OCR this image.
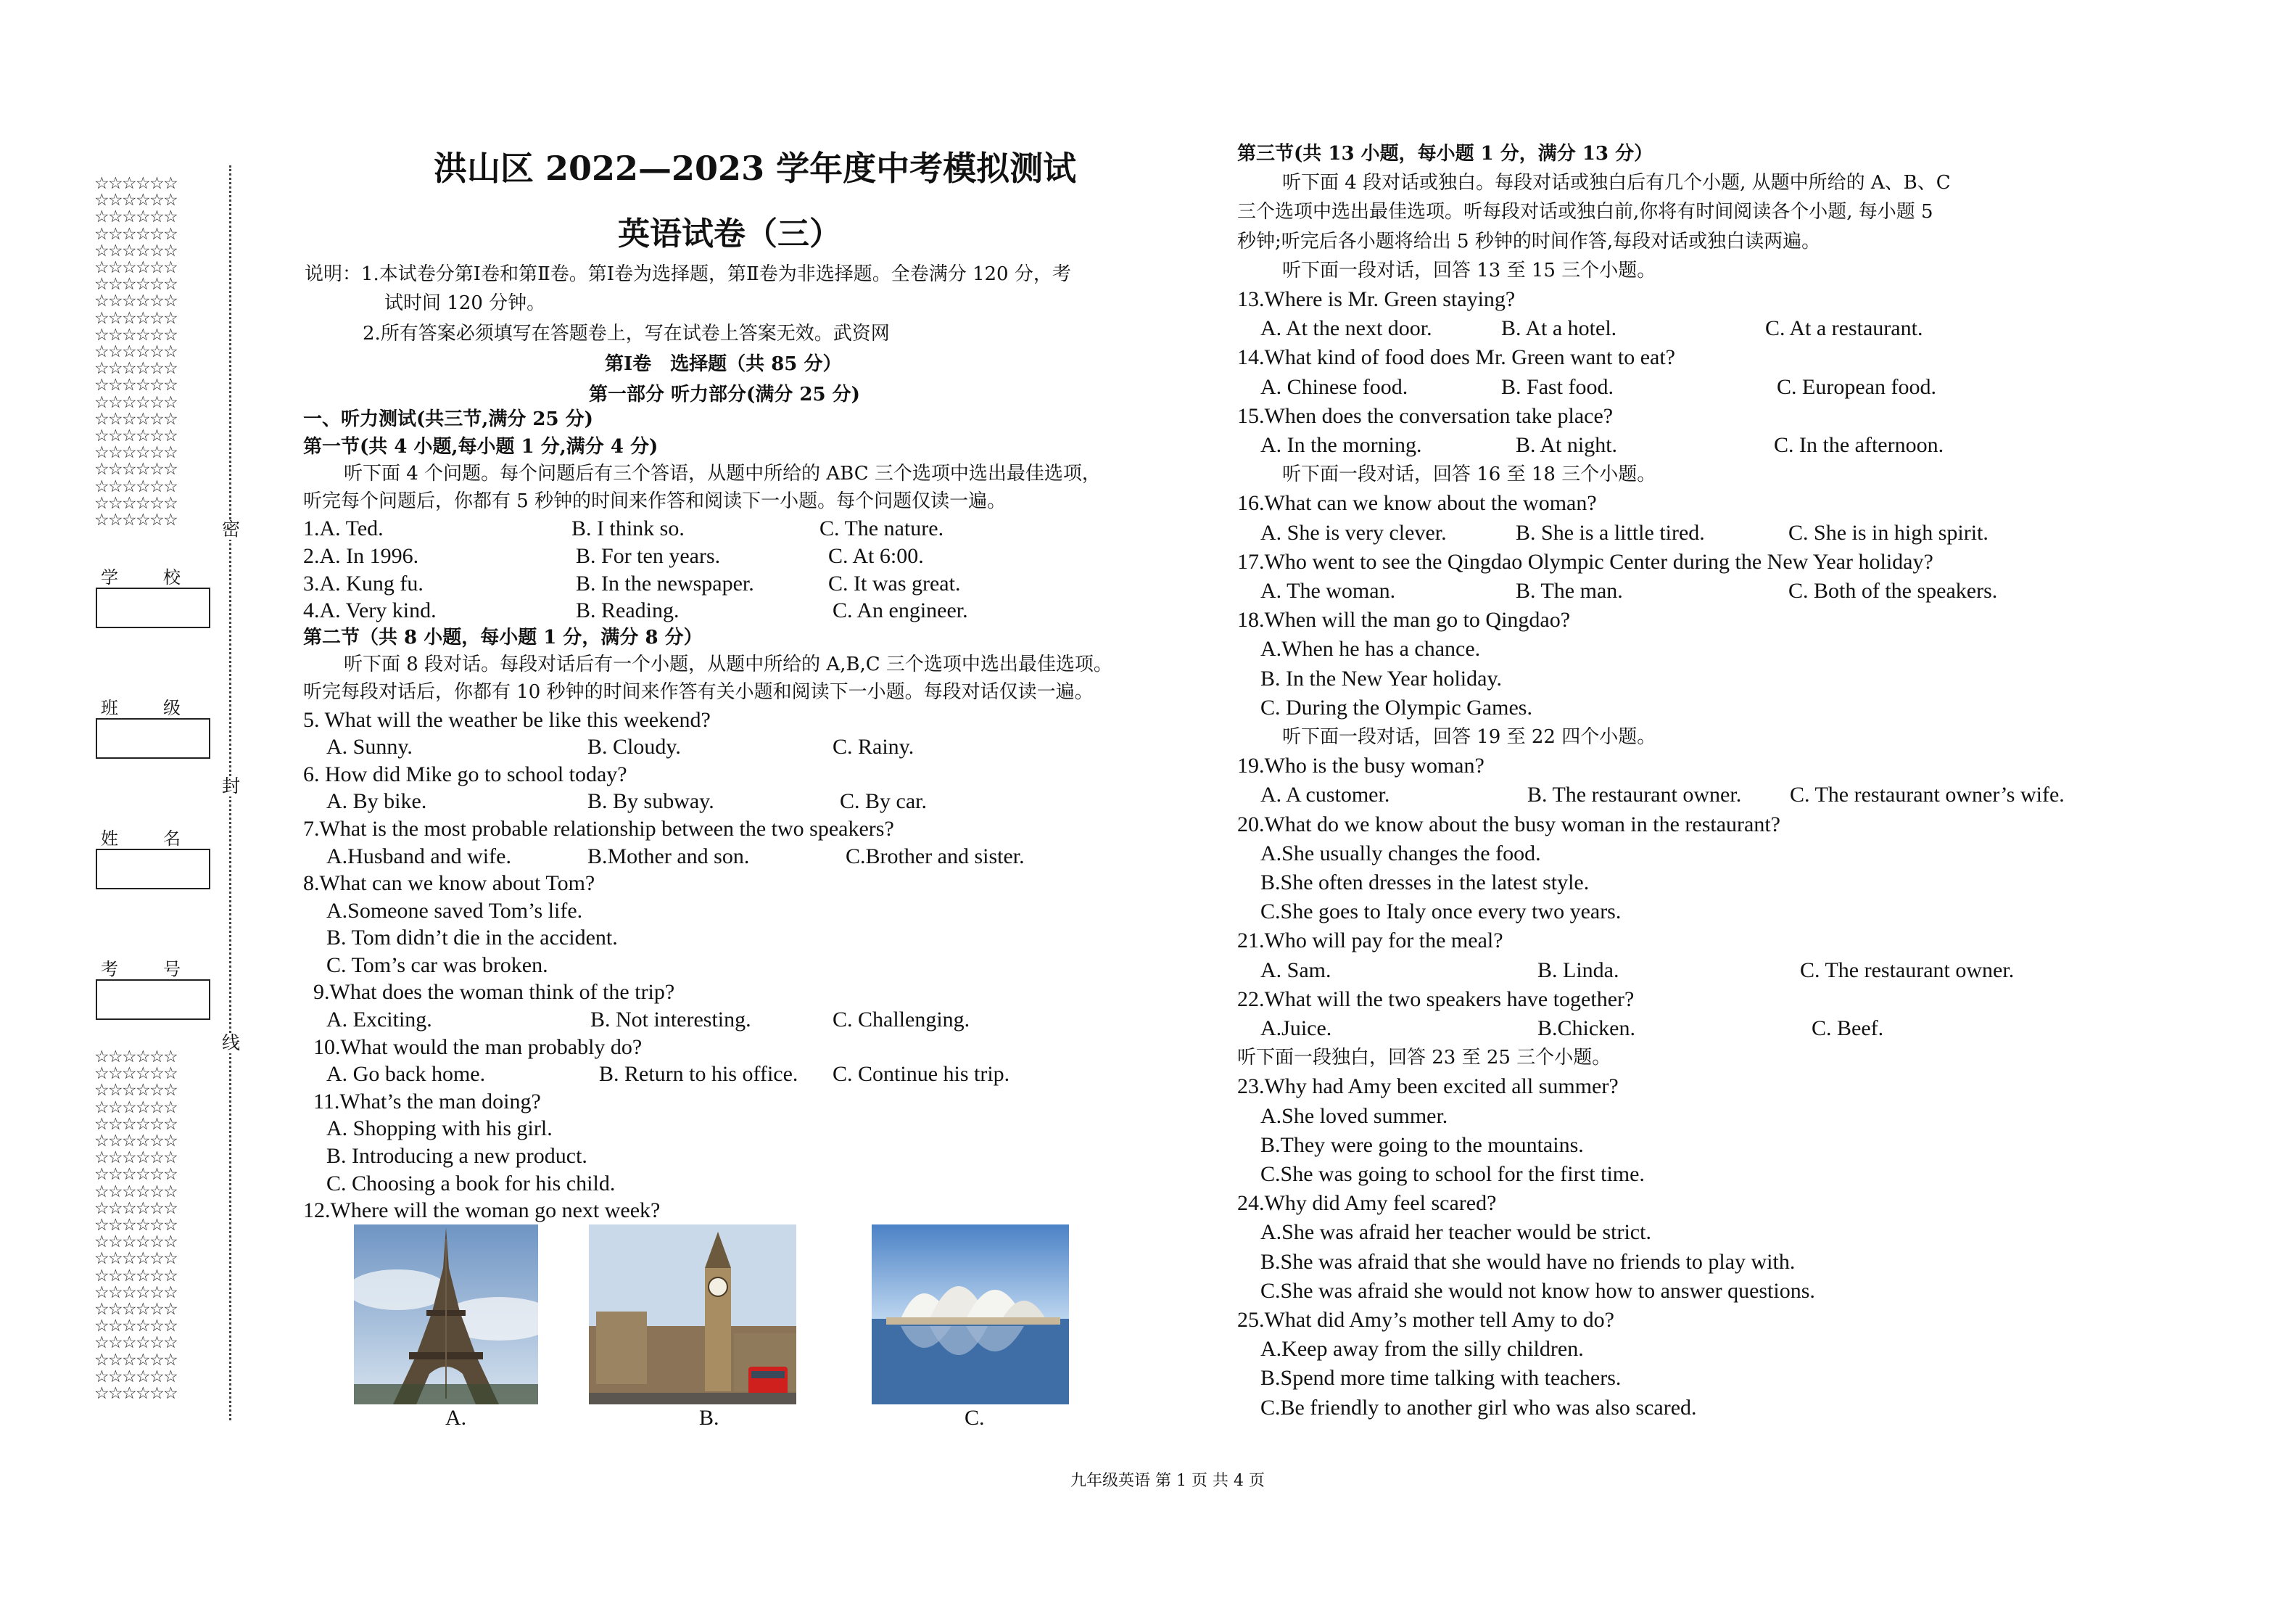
☆☆☆☆☆☆
☆☆☆☆☆☆
☆☆☆☆☆☆
☆☆☆☆☆☆
☆☆☆☆☆☆
☆☆☆☆☆☆
☆☆☆☆☆☆
☆☆☆☆☆☆
☆☆☆☆☆☆
☆☆☆☆☆☆
☆☆☆☆☆☆
☆☆☆☆☆☆
☆☆☆☆☆☆
☆☆☆☆☆☆
☆☆☆☆☆☆
☆☆☆☆☆☆
☆☆☆☆☆☆
☆☆☆☆☆☆
☆☆☆☆☆☆
☆☆☆☆☆☆
☆☆☆☆☆☆
☆☆☆☆☆☆
☆☆☆☆☆☆
☆☆☆☆☆☆
☆☆☆☆☆☆
☆☆☆☆☆☆
☆☆☆☆☆☆
☆☆☆☆☆☆
☆☆☆☆☆☆
☆☆☆☆☆☆
☆☆☆☆☆☆
☆☆☆☆☆☆
☆☆☆☆☆☆
☆☆☆☆☆☆
☆☆☆☆☆☆
☆☆☆☆☆☆
☆☆☆☆☆☆
☆☆☆☆☆☆
☆☆☆☆☆☆
☆☆☆☆☆☆
☆☆☆☆☆☆
☆☆☆☆☆☆
密
封
线
学 校
班 级
姓 名
考 号
洪山区 2022—2023 学年度中考模拟测试
英语试卷（三）
说明：1.本试卷分第Ⅰ卷和第Ⅱ卷。第Ⅰ卷为选择题，第Ⅱ卷为非选择题。全卷满分 120 分，考
试时间 120 分钟。
2.所有答案必须填写在答题卷上，写在试卷上答案无效。武资网
第Ⅰ卷　选择题（共 85 分）
第一部分 听力部分(满分 25 分)

一、听力测试(共三节,满分 25 分)

第一节(共 4 小题,每小题 1 分,满分 4 分)

听下面 4 个问题。每个问题后有三个答语，从题中所给的 ABC 三个选项中选出最佳选项，

听完每个问题后，你都有 5 秒钟的时间来作答和阅读下一小题。每个问题仅读一遍。

1.A. Ted.	B. I think so.	C. The nature.
2.A. In 1996.	B. For ten years.	C. At 6:00.
3.A. Kung fu.	B. In the newspaper.	C. It was great.
4.A. Very kind.	B. Reading.	C. An engineer.

第二节（共 8 小题，每小题 1 分，满分 8 分）

听下面 8 段对话。每段对话后有一个小题，从题中所给的 A,B,C 三个选项中选出最佳选项。

听完每段对话后，你都有 10 秒钟的时间来作答有关小题和阅读下一小题。每段对话仅读一遍。

5. What will the weather be like this weekend?

A. Sunny.	B. Cloudy.	C. Rainy.

6. How did Mike go to school today?

A. By bike.	B. By subway.	C. By car.

7.What is the most probable relationship between the two speakers?

A.Husband and wife.	B.Mother and son.	C.Brother and sister.

8.What can we know about Tom?

A.Someone saved Tom’s life.

B. Tom didn’t die in the accident.

C. Tom’s car was broken.

9.What does the woman think of the trip?

A. Exciting.	B. Not interesting.	C. Challenging.

10.What would the man probably do?

A. Go back home.	B. Return to his office. C. Continue his trip.

11.What’s the man doing?

A. Shopping with his girl.

B. Introducing a new product.

C. Choosing a book for his child.

12.Where will the woman go next week?

A.	B.	C.

第三节(共 13 小题，每小题 1 分，满分 13 分）

听下面 4 段对话或独白。每段对话或独白后有几个小题, 从题中所给的 A、B、C

三个选项中选出最佳选项。听每段对话或独白前,你将有时间阅读各个小题, 每小题 5

秒钟;听完后各小题将给出 5 秒钟的时间作答,每段对话或独白读两遍。

听下面一段对话，回答 13 至 15 三个小题。

13.Where is Mr. Green staying?

A. At the next door.	B. At a hotel.	C. At a restaurant.

14.What kind of food does Mr. Green want to eat?

A. Chinese food.	B. Fast food.	C. European food.

15.When does the conversation take place?

A. In the morning.	B. At night.	C. In the afternoon.

听下面一段对话，回答 16 至 18 三个小题。

16.What can we know about the woman?

A. She is very clever.	B. She is a little tired.	C. She is in high spirit.

17.Who went to see the Qingdao Olympic Center during the New Year holiday?

A. The woman.	B. The man.	C. Both of the speakers.

18.When will the man go to Qingdao?

A.When he has a chance.

B. In the New Year holiday.

C. During the Olympic Games.

听下面一段对话，回答 19 至 22 四个小题。

19.Who is the busy woman?

A. A customer.	B. The restaurant owner. C. The restaurant owner’s wife.

20.What do we know about the busy woman in the restaurant?

A.She usually changes the food.

B.She often dresses in the latest style.

C.She goes to Italy once every two years.

21.Who will pay for the meal?

A. Sam.	B. Linda.	C. The restaurant owner.

22.What will the two speakers have together?

A.Juice.	B.Chicken.	C. Beef.

听下面一段独白，回答 23 至 25 三个小题。

23.Why had Amy been excited all summer?

A.She loved summer.

B.They were going to the mountains.

C.She was going to school for the first time.

24.Why did Amy feel scared?

A.She was afraid her teacher would be strict.

B.She was afraid that she would have no friends to play with.

C.She was afraid she would not know how to answer questions.

25.What did Amy’s mother tell Amy to do?

A.Keep away from the silly children.

B.Spend more time talking with teachers.

C.Be friendly to another girl who was also scared.

九年级英语 第 1 页 共 4 页
